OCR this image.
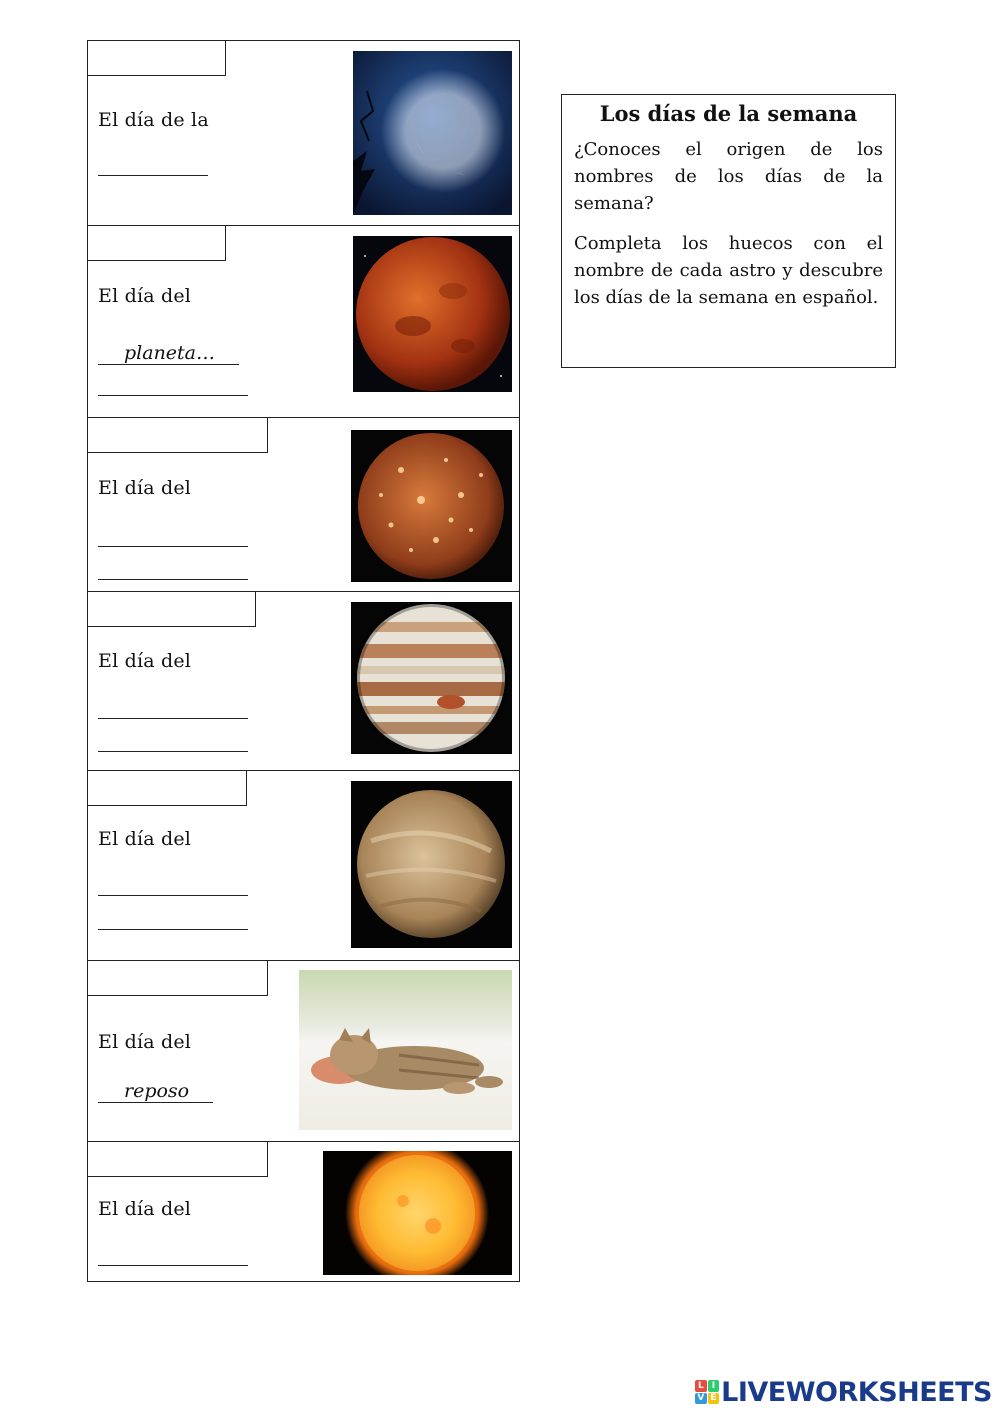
El día de la
El día del
planeta…
El día del
El día del
El día del
El día del
reposo
El día del
Los días de la semana

¿Conoces el origen de los nombres de los días de la semana?

Completa los huecos con el nombre de cada astro y descubre los días de la semana en español.

L I
V E LIVEWORKSHEETS
